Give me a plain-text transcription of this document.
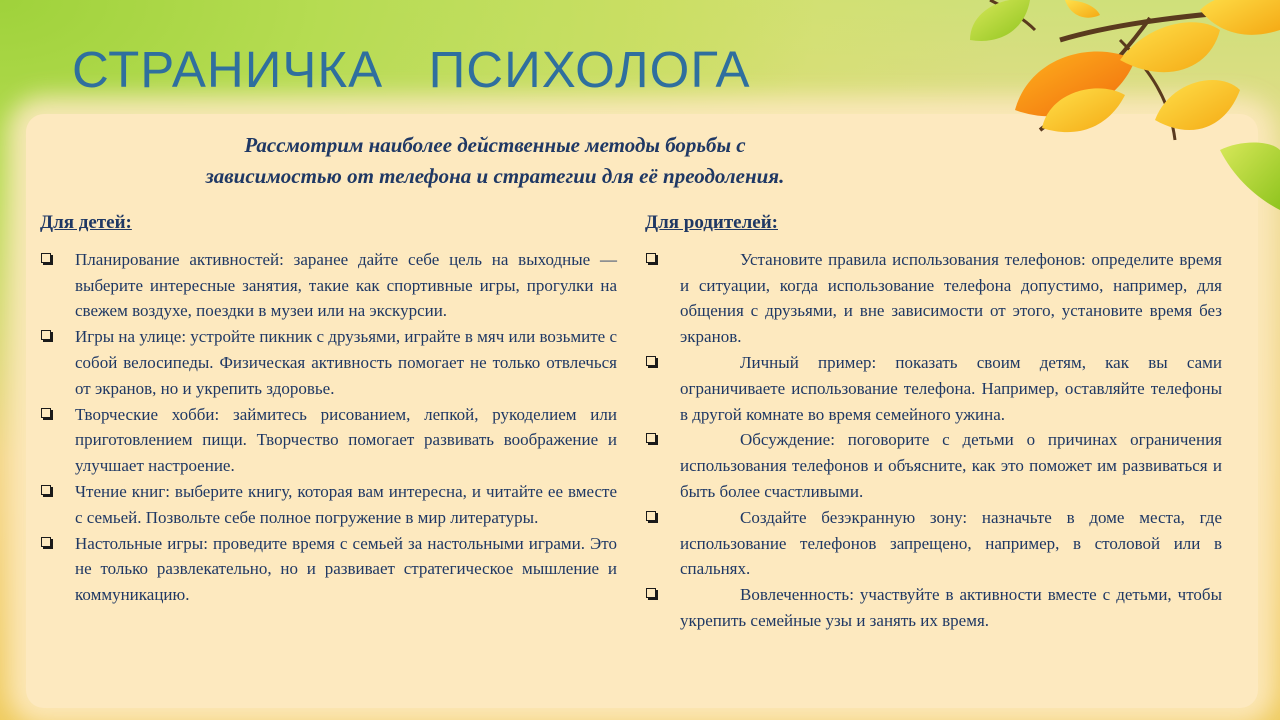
СТРАНИЧКА   ПСИХОЛОГА
Рассмотрим наиболее действенные методы борьбы с
зависимостью от телефона и стратегии для её преодоления.
Для детей:
Планирование активностей: заранее дайте себе цель на выходные — выберите интересные занятия, такие как спортивные игры, прогулки на свежем воздухе, поездки в музеи или на экскурсии.
Игры на улице: устройте пикник с друзьями, играйте в мяч или возьмите с собой велосипеды. Физическая активность помогает не только отвлечься от экранов, но и укрепить здоровье.
Творческие хобби: займитесь рисованием, лепкой, рукоделием или приготовлением пищи. Творчество помогает развивать воображение и улучшает настроение.
Чтение книг: выберите книгу, которая вам интересна, и читайте ее вместе с семьей. Позвольте себе полное погружение в мир литературы.
Настольные игры: проведите время с семьей за настольными играми. Это не только развлекательно, но и развивает стратегическое мышление и коммуникацию.
Для родителей:
Установите правила использования телефонов: определите время и ситуации, когда использование телефона допустимо, например, для общения с друзьями, и вне зависимости от этого, установите время без экранов.
Личный пример: показать своим детям, как вы сами ограничиваете использование телефона. Например, оставляйте телефоны в другой комнате во время семейного ужина.
Обсуждение: поговорите с детьми о причинах ограничения использования телефонов и объясните, как это поможет им развиваться и быть более счастливыми.
Создайте безэкранную зону: назначьте в доме места, где использование телефонов запрещено, например, в столовой или в спальнях.
Вовлеченность: участвуйте в активности вместе с детьми, чтобы укрепить семейные узы и занять их время.
